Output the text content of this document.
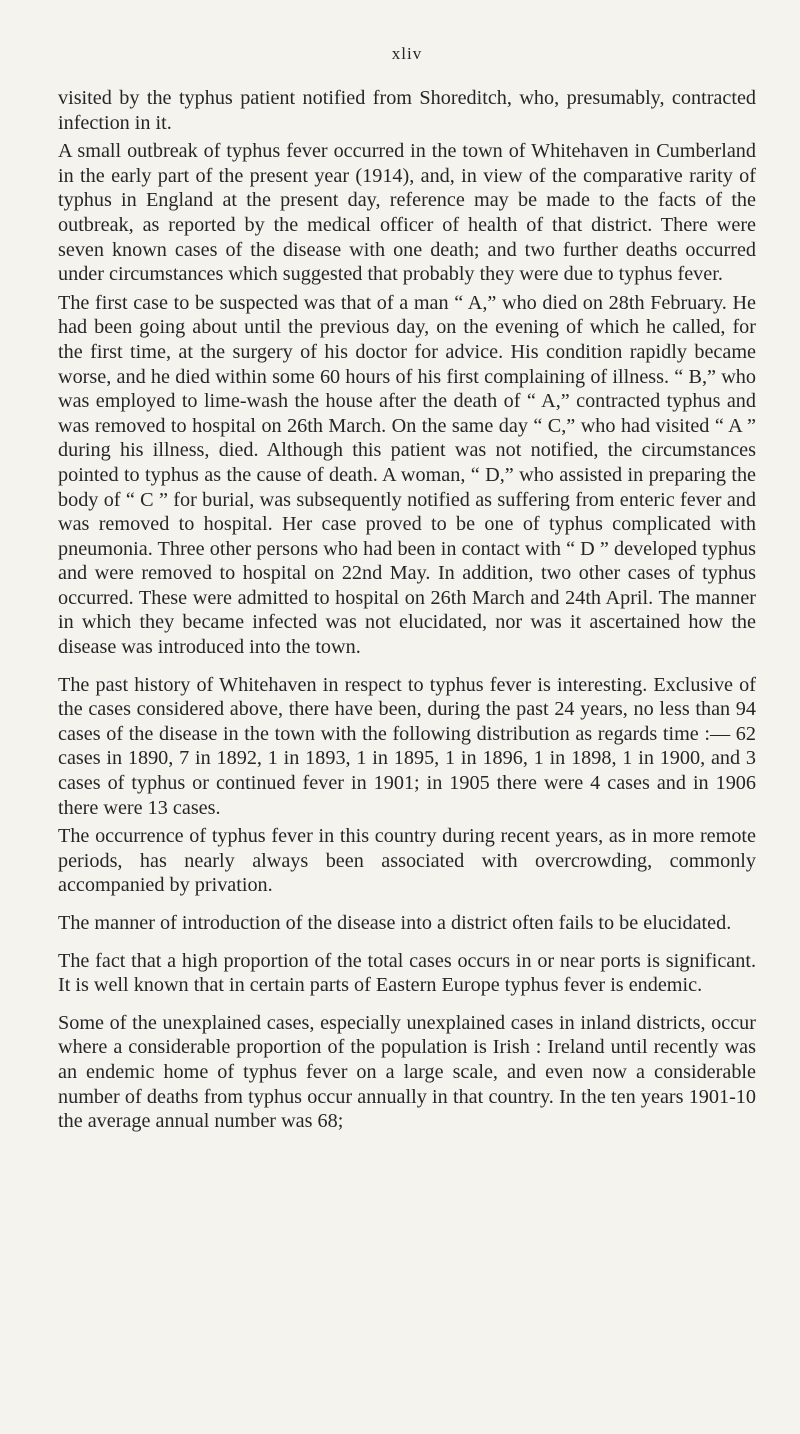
xliv

visited by the typhus patient notified from Shoreditch, who, presumably, contracted infection in it.

A small outbreak of typhus fever occurred in the town of Whitehaven in Cumberland in the early part of the present year (1914), and, in view of the comparative rarity of typhus in England at the present day, reference may be made to the facts of the outbreak, as reported by the medical officer of health of that district. There were seven known cases of the disease with one death; and two further deaths occurred under circumstances which suggested that probably they were due to typhus fever.

The first case to be suspected was that of a man “ A,” who died on 28th February. He had been going about until the previous day, on the evening of which he called, for the first time, at the surgery of his doctor for advice. His condition rapidly became worse, and he died within some 60 hours of his first complaining of illness. “ B,” who was employed to lime-wash the house after the death of “ A,” contracted typhus and was removed to hospital on 26th March. On the same day “ C,” who had visited “ A ” during his illness, died. Although this patient was not notified, the circumstances pointed to typhus as the cause of death. A woman, “ D,” who assisted in preparing the body of “ C ” for burial, was subsequently notified as suffering from enteric fever and was removed to hospital. Her case proved to be one of typhus complicated with pneumonia. Three other persons who had been in contact with “ D ” developed typhus and were removed to hospital on 22nd May. In addition, two other cases of typhus occurred. These were admitted to hospital on 26th March and 24th April. The manner in which they became infected was not elucidated, nor was it ascertained how the disease was introduced into the town.

The past history of Whitehaven in respect to typhus fever is interesting. Exclusive of the cases considered above, there have been, during the past 24 years, no less than 94 cases of the disease in the town with the following distribution as regards time :— 62 cases in 1890, 7 in 1892, 1 in 1893, 1 in 1895, 1 in 1896, 1 in 1898, 1 in 1900, and 3 cases of typhus or continued fever in 1901; in 1905 there were 4 cases and in 1906 there were 13 cases.

The occurrence of typhus fever in this country during recent years, as in more remote periods, has nearly always been associated with overcrowding, commonly accompanied by privation.

The manner of introduction of the disease into a district often fails to be elucidated.

The fact that a high proportion of the total cases occurs in or near ports is significant. It is well known that in certain parts of Eastern Europe typhus fever is endemic.

Some of the unexplained cases, especially unexplained cases in inland districts, occur where a considerable proportion of the population is Irish : Ireland until recently was an endemic home of typhus fever on a large scale, and even now a considerable number of deaths from typhus occur annually in that country. In the ten years 1901-10 the average annual number was 68;
